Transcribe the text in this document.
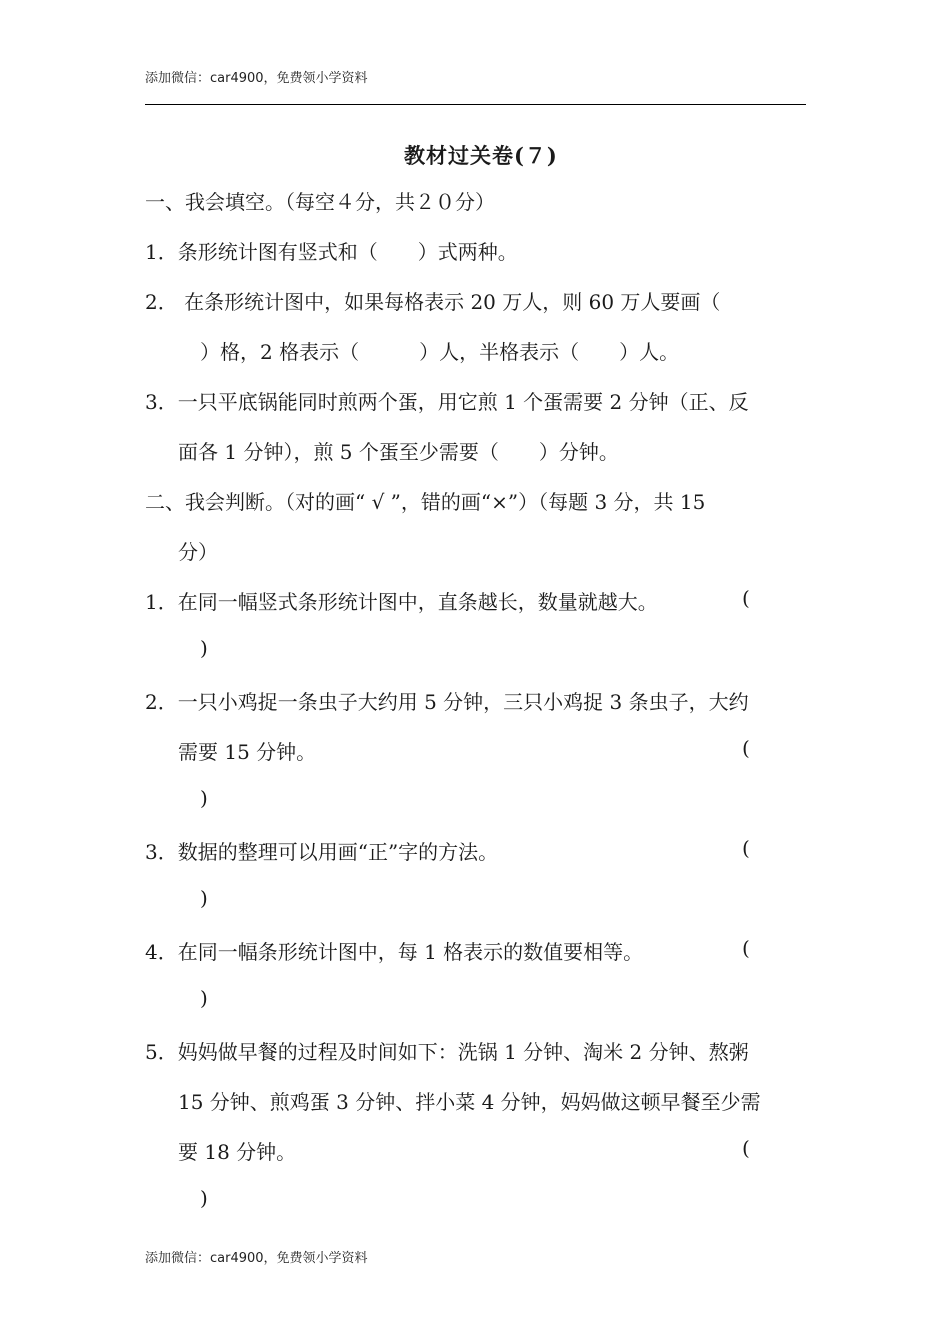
添加微信：car4900，免费领小学资料
教材过关卷(７)
一、我会填空。（每空４分，共２０分）
1．条形统计图有竖式和（　　）式两种。
2． 在条形统计图中，如果每格表示 20 万人，则 60 万人要画（
）格，2 格表示（　　　）人，半格表示（　　）人。
3．一只平底锅能同时煎两个蛋，用它煎 1 个蛋需要 2 分钟（正、反
面各 1 分钟），煎 5 个蛋至少需要（　　）分钟。
二、我会判断。（对的画“ √ ”，错的画“×”）（每题 3 分，共 15
分）
1．在同一幅竖式条形统计图中，直条越长，数量就越大。	(
)
2．一只小鸡捉一条虫子大约用 5 分钟，三只小鸡捉 3 条虫子，大约
需要 15 分钟。	(
)
3．数据的整理可以用画“正”字的方法。	(
)
4．在同一幅条形统计图中，每 1 格表示的数值要相等。	(
)
5．妈妈做早餐的过程及时间如下：洗锅 1 分钟、淘米 2 分钟、熬粥
15 分钟、煎鸡蛋 3 分钟、拌小菜 4 分钟，妈妈做这顿早餐至少需
要 18 分钟。	(
)
添加微信：car4900，免费领小学资料
